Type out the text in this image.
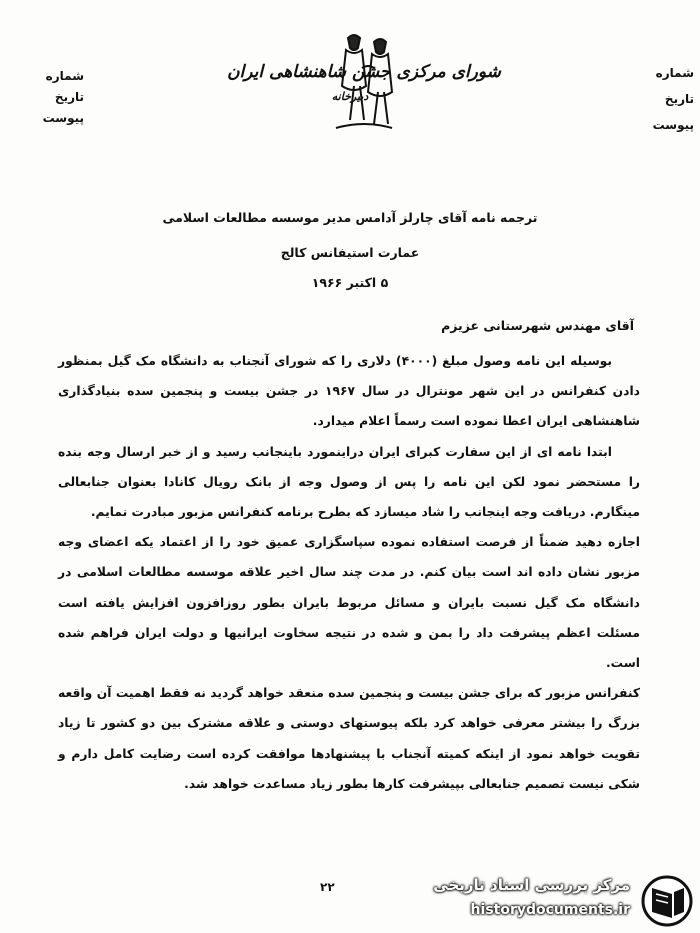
شماره
تاریخ
پیوست
شماره
تاریخ
پیوست
شورای مرکزی جشن شاهنشاهی ایران
دبیرخانه
ترجمه نامه آقای چارلز آدامس مدیر موسسه مطالعات اسلامی
عمارت استیفانس کالج
۵ اکتبر ۱۹۶۶
آقای مهندس شهرستانی عزیزم

بوسیله این نامه وصول مبلغ (۴۰۰۰) دلاری را که شورای آنجناب به دانشگاه مک گیل بمنظور دادن کنفرانس در این شهر مونترال در سال ۱۹۶۷ در جشن بیست و پنجمین سده بنیادگذاری شاهنشاهی ایران اعطا نموده است رسماً اعلام میدارد.

ابتدا نامه ای از این سفارت کبرای ایران دراینمورد باینجانب رسید و از خبر ارسال وجه بنده را مستحضر نمود لکن این نامه را پس از وصول وجه از بانک رویال کانادا بعنوان جنابعالی مینگارم. دریافت وجه اینجانب را شاد میسازد که بطرح برنامه کنفرانس مزبور مبادرت نمایم.

اجازه دهید ضمناً از فرصت استفاده نموده سپاسگزاری عمیق خود را از اعتماد یکه اعضای وجه مزبور نشان داده اند است بیان کنم. در مدت چند سال اخیر علاقه موسسه مطالعات اسلامی در دانشگاه مک گیل نسبت بایران و مسائل مربوط بایران بطور روزافزون افزایش یافته است مسئلت اعظم پیشرفت داد را بمن و شده در نتیجه سخاوت ایرانیها و دولت ایران فراهم شده است.

کنفرانس مزبور که برای جشن بیست و پنجمین سده منعقد خواهد گردید نه فقط اهمیت آن واقعه بزرگ را بیشتر معرفی خواهد کرد بلکه پیوستهای دوستی و علاقه مشترک بین دو کشور تا زیاد تقویت خواهد نمود از اینکه کمیته آنجناب با پیشنهادها موافقت کرده است رضایت کامل دارم و شکی نیست تصمیم جنابعالی بپیشرفت کارها بطور زیاد مساعدت خواهد شد.

۲۲	مرکز بررسی اسناد تاریخی
historydocuments.ir
